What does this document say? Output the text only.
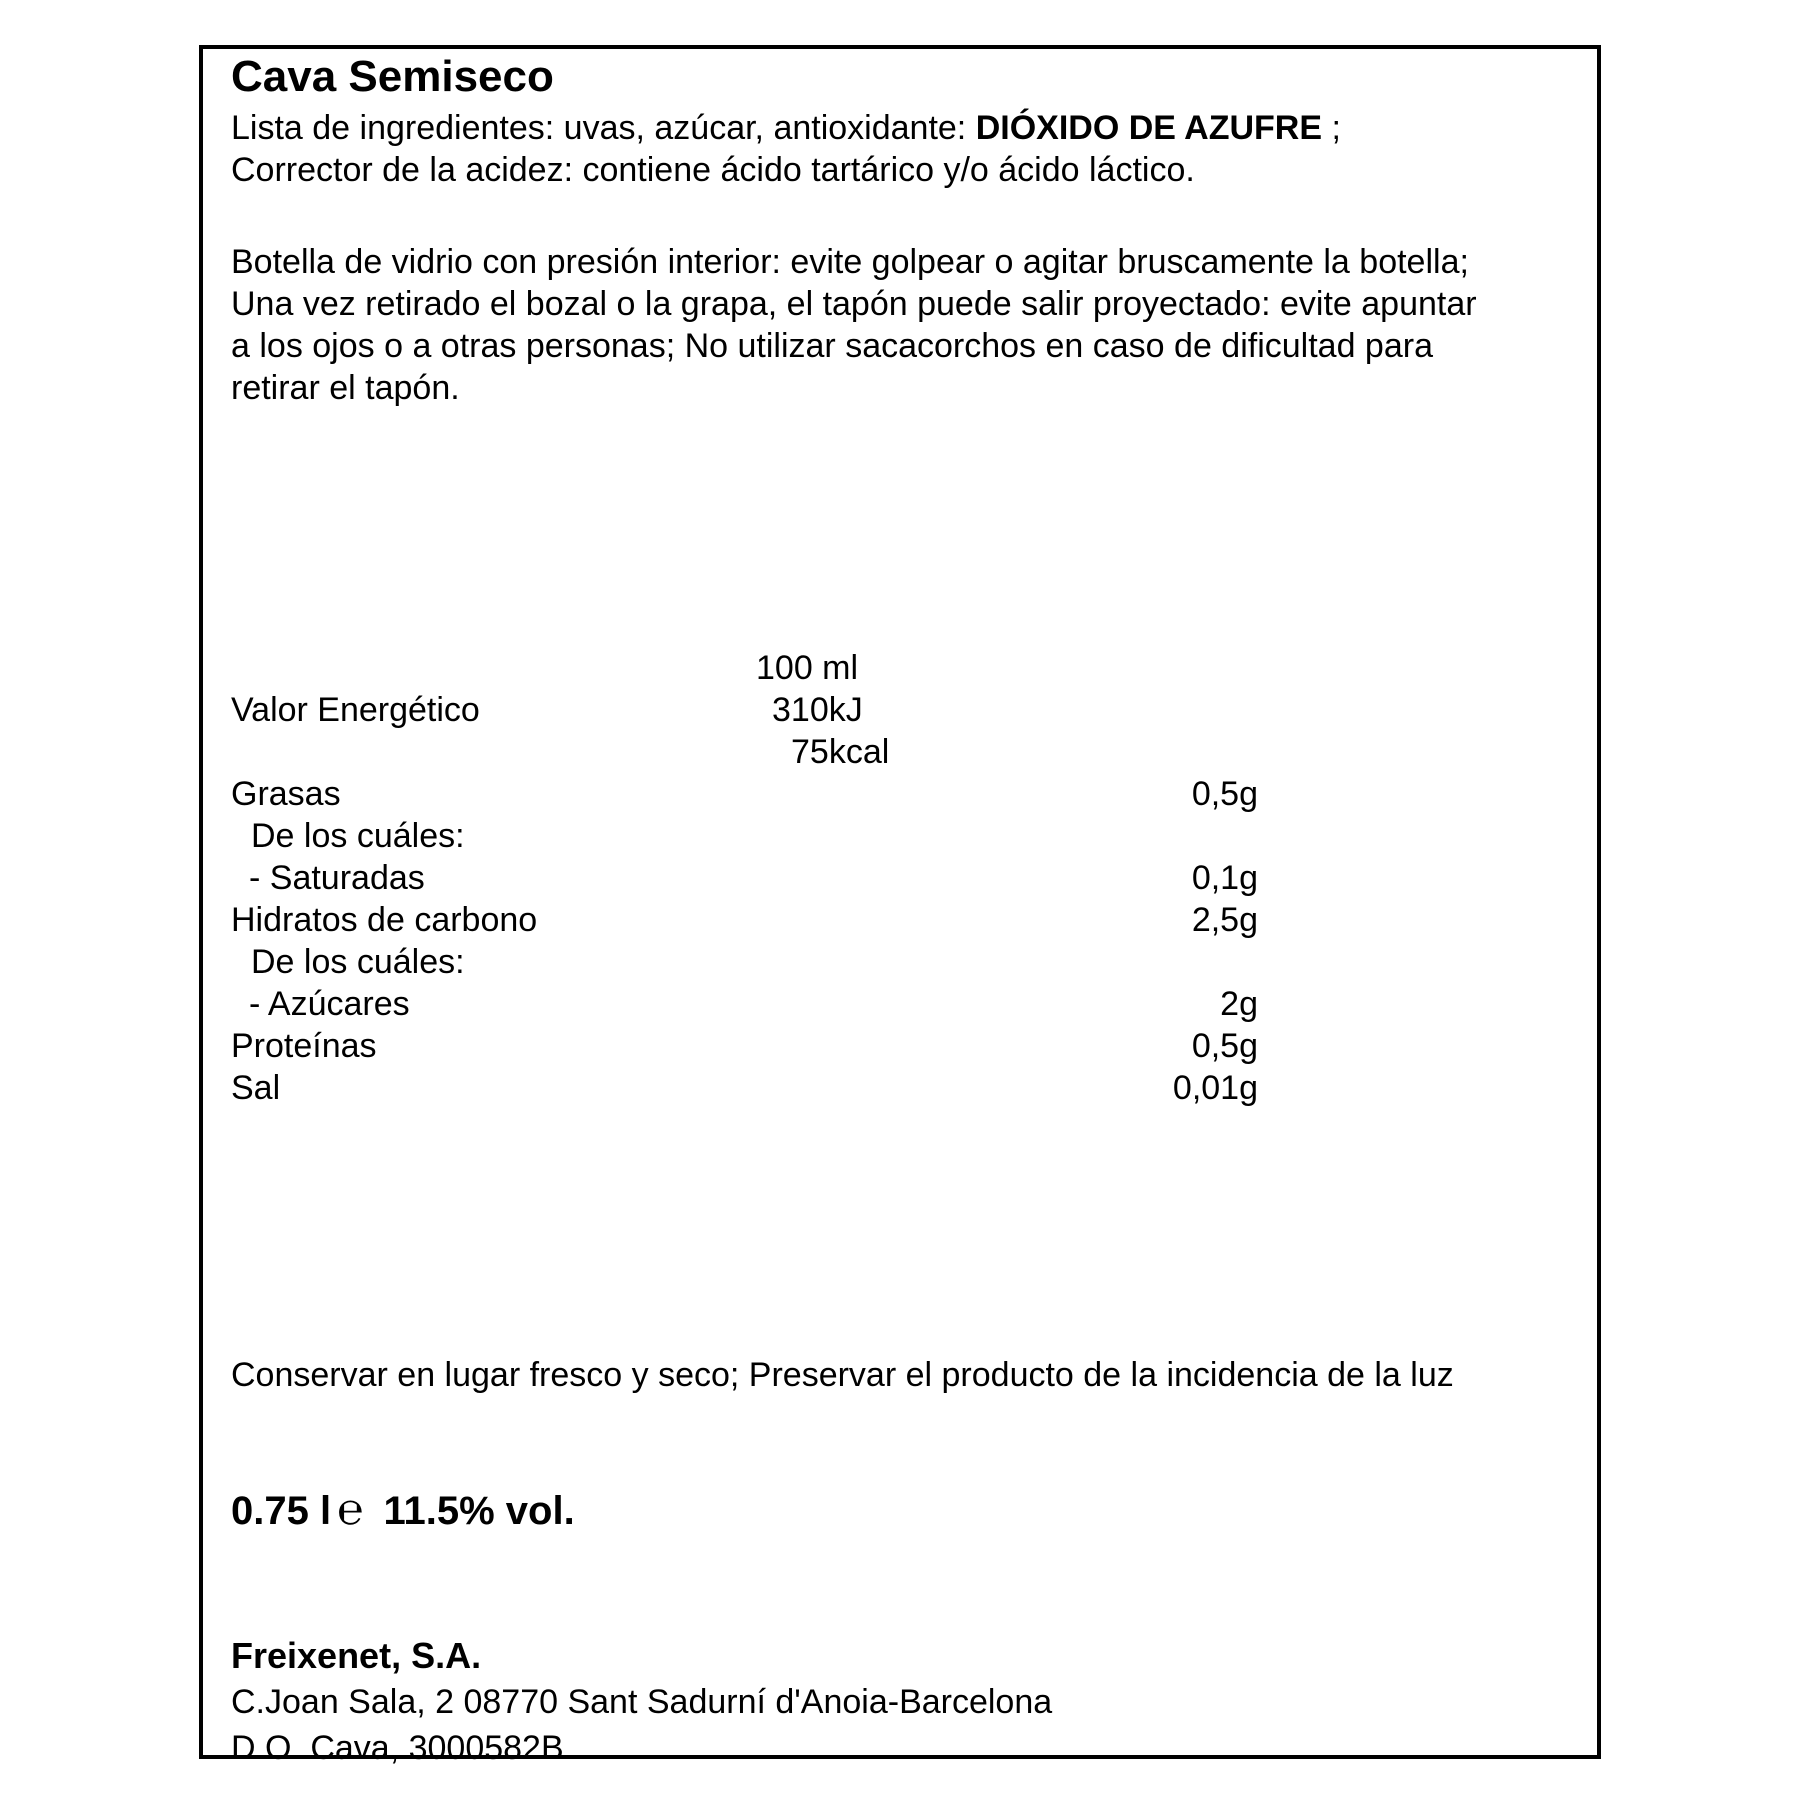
Cava Semiseco
Lista de ingredientes: uvas, azúcar, antioxidante: DIÓXIDO DE AZUFRE ;
Corrector de la acidez: contiene ácido tartárico y/o ácido láctico.
Botella de vidrio con presión interior: evite golpear o agitar bruscamente la botella;
Una vez retirado el bozal o la grapa, el tapón puede salir proyectado: evite apuntar
a los ojos o a otras personas; No utilizar sacacorchos en caso de dificultad para
retirar el tapón.
100 ml
Valor Energético	310kJ
75kcal
Grasas	0,5g
De los cuáles:
- Saturadas	0,1g
Hidratos de carbono	2,5g
De los cuáles:
- Azúcares	2g
Proteínas	0,5g
Sal	0,01g
Conservar en lugar fresco y seco; Preservar el producto de la incidencia de la luz
0.75 l ℮ 11.5% vol.
Freixenet, S.A.
C.Joan Sala, 2 08770 Sant Sadurní d'Anoia-Barcelona
D.O. Cava, 3000582B
